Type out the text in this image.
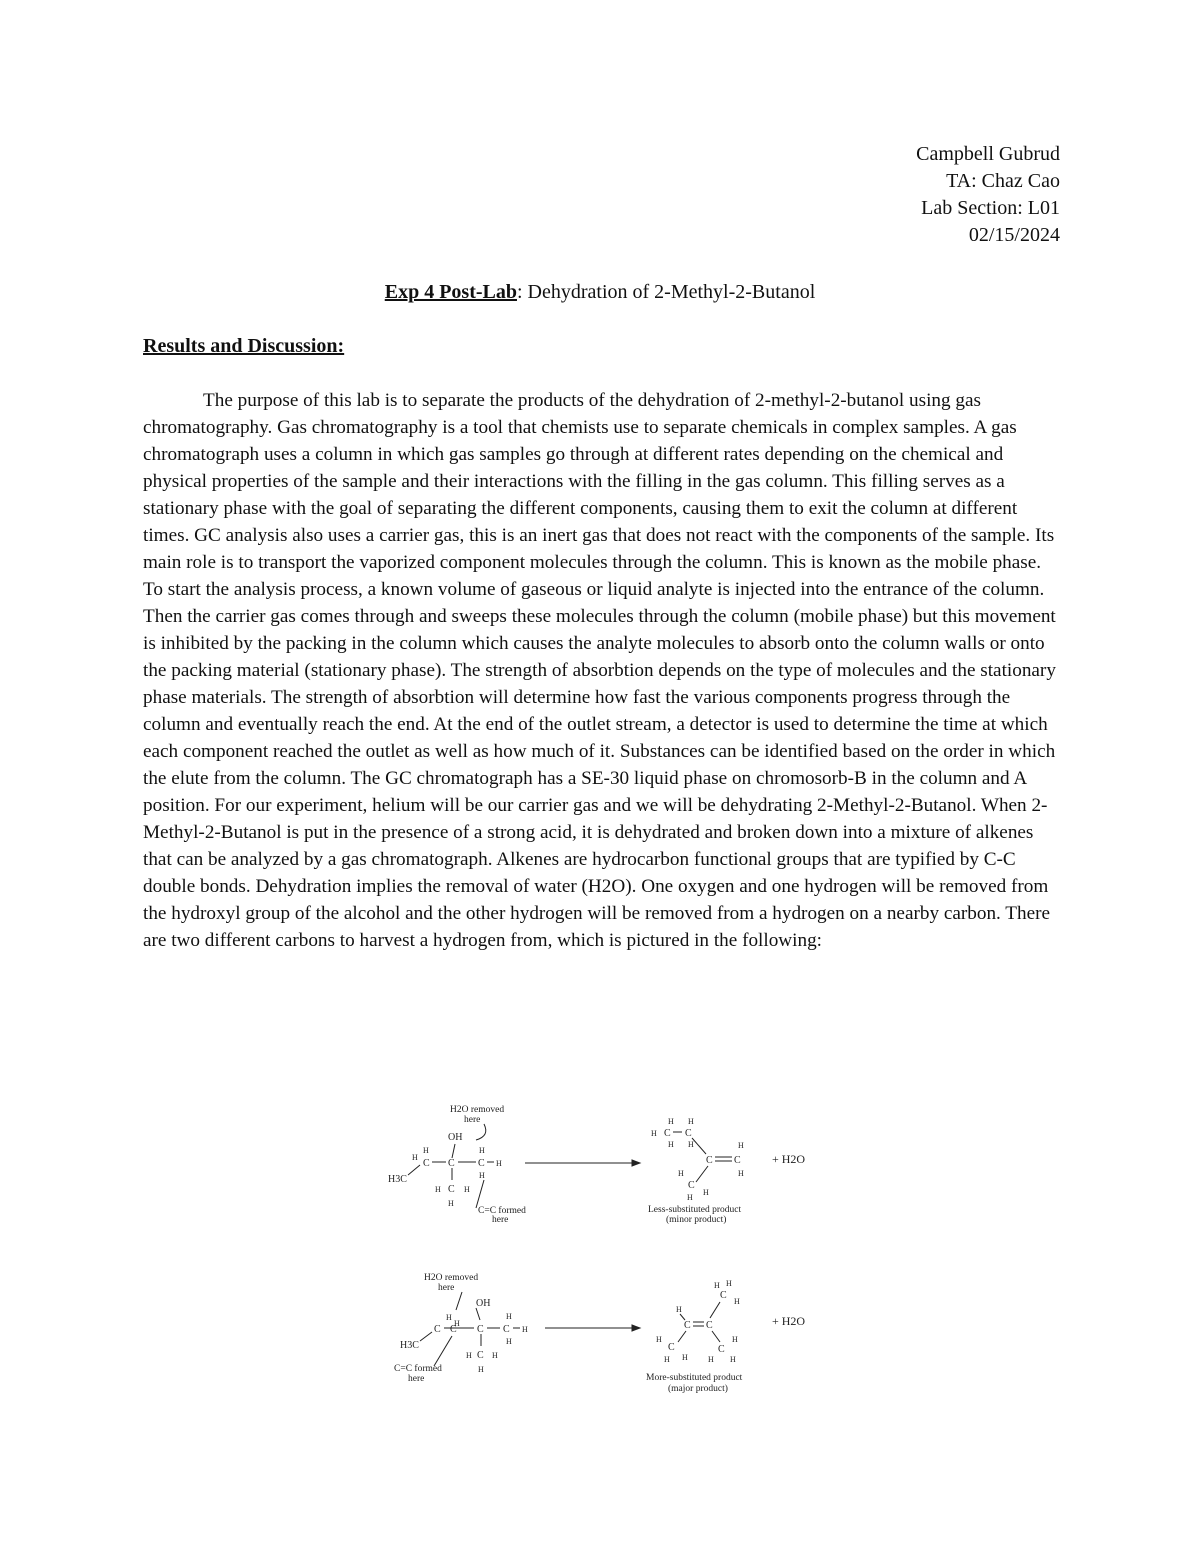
Campbell Gubrud
TA: Chaz Cao
Lab Section: L01
02/15/2024
Exp 4 Post-Lab: Dehydration of 2-Methyl-2-Butanol
Results and Discussion:

The purpose of this lab is to separate the products of the dehydration of 2-methyl-2-butanol using gas chromatography. Gas chromatography is a tool that chemists use to separate chemicals in complex samples. A gas chromatograph uses a column in which gas samples go through at different rates depending on the chemical and physical properties of the sample and their interactions with the filling in the gas column. This filling serves as a stationary phase with the goal of separating the different components, causing them to exit the column at different times. GC analysis also uses a carrier gas, this is an inert gas that does not react with the components of the sample. Its main role is to transport the vaporized component molecules through the column. This is known as the mobile phase. To start the analysis process, a known volume of gaseous or liquid analyte is injected into the entrance of the column. Then the carrier gas comes through and sweeps these molecules through the column (mobile phase) but this movement is inhibited by the packing in the column which causes the analyte molecules to absorb onto the column walls or onto the packing material (stationary phase). The strength of absorbtion depends on the type of molecules and the stationary phase materials. The strength of absorbtion will determine how fast the various components progress through the column and eventually reach the end. At the end of the outlet stream, a detector is used to determine the time at which each component reached the outlet as well as how much of it. Substances can be identified based on the order in which the elute from the column. The GC chromatograph has a SE-30 liquid phase on chromosorb-B in the column and A position. For our experiment, helium will be our carrier gas and we will be dehydrating 2-Methyl-2-Butanol. When 2-Methyl-2-Butanol is put in the presence of a strong acid, it is dehydrated and broken down into a mixture of alkenes that can be analyzed by a gas chromatograph. Alkenes are hydrocarbon functional groups that are typified by C-C double bonds. Dehydration implies the removal of water (H2O). One oxygen and one hydrogen will be removed from the hydroxyl group of the alcohol and the other hydrogen will be removed from a hydrogen on a nearby carbon. There are two different carbons to harvest a hydrogen from, which is pictured in the following:

H2O removed
here
OH
H3C
C
H
H
C C
H
H
H
H C H
H
C=C formed
here
H H
H C C
H H
C C
H
H
H
C
H
H
Less-substituted product
(minor product)
+ H2O
H2O removed
here
OH
H
H
C
H3C
C	C C
H
H
H
H C H
H
C=C formed
here
H H
C
H
H
C C
H
C
H H
H
C
H H
More-substituted product
(major product)
+ H2O
